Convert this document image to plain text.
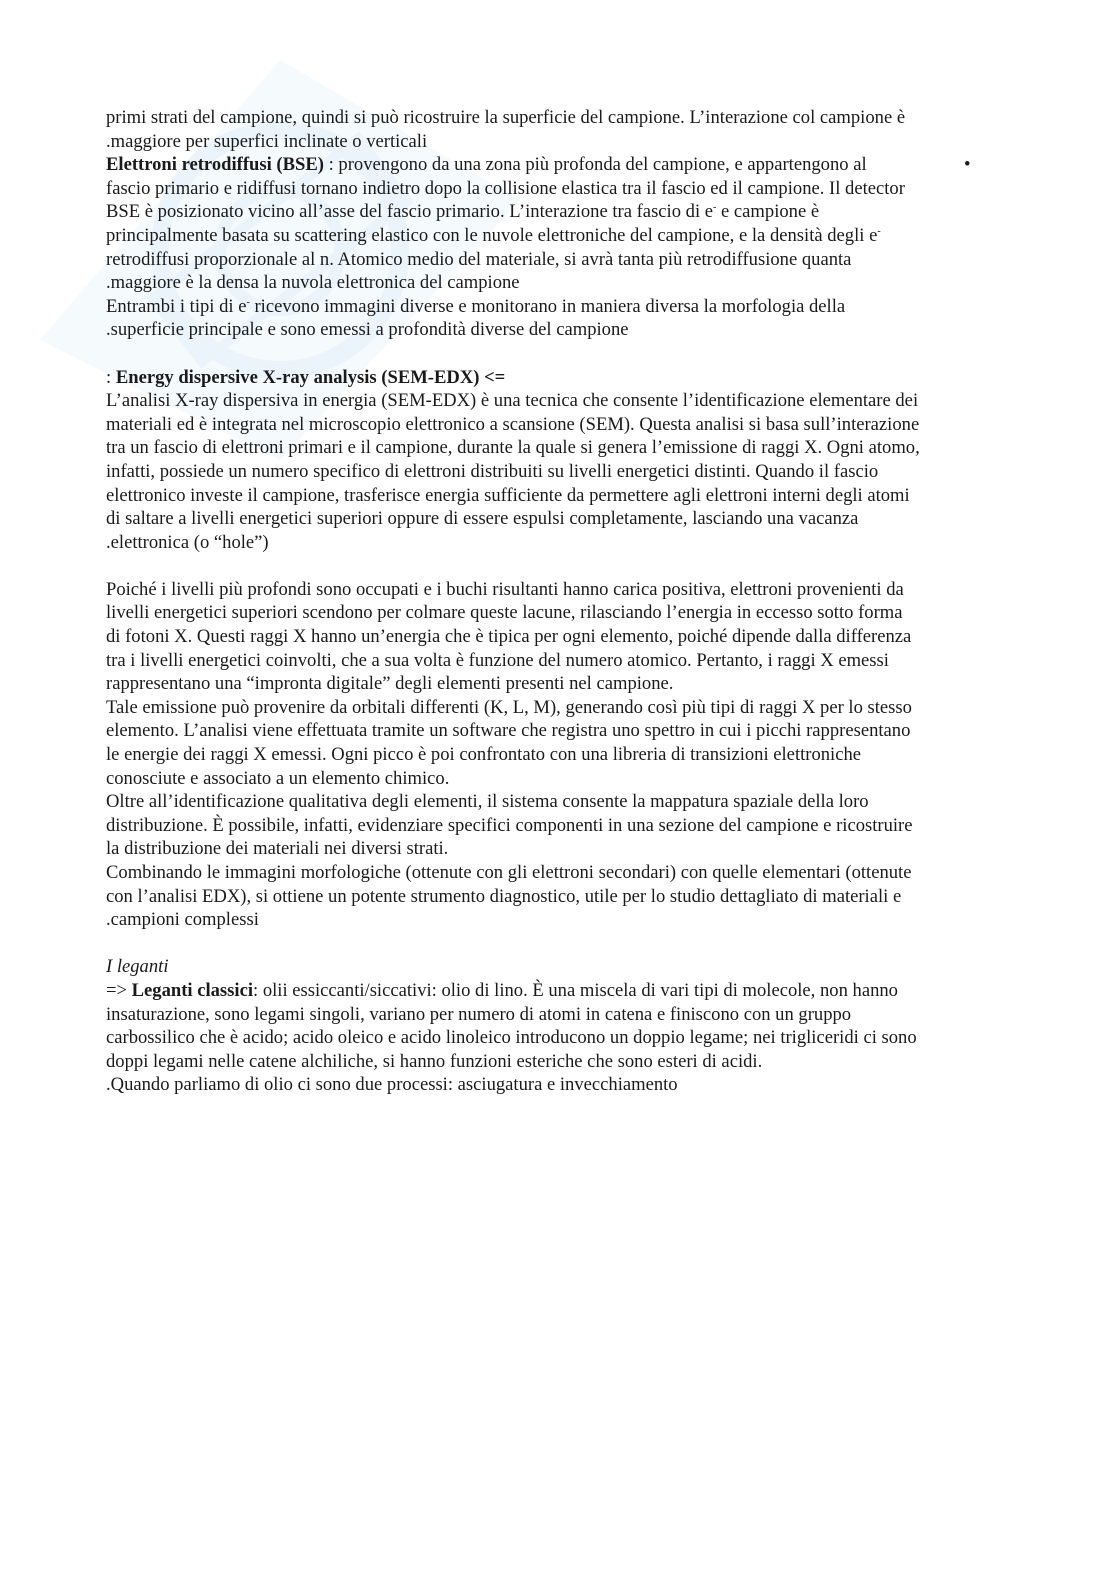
primi strati del campione, quindi si può ricostruire la superficie del campione. L’interazione col campione è
.maggiore per superfici inclinate o verticali
Elettroni retrodiffusi (BSE) : provengono da una zona più profonda del campione, e appartengono al	•
fascio primario e ridiffusi tornano indietro dopo la collisione elastica tra il fascio ed il campione. Il detector
BSE è posizionato vicino all’asse del fascio primario. L’interazione tra fascio di e- e campione è
principalmente basata su scattering elastico con le nuvole elettroniche del campione, e la densità degli e-
retrodiffusi proporzionale al n. Atomico medio del materiale, si avrà tanta più retrodiffusione quanta
.maggiore è la densa la nuvola elettronica del campione
Entrambi i tipi di e- ricevono immagini diverse e monitorano in maniera diversa la morfologia della
.superficie principale e sono emessi a profondità diverse del campione
: Energy dispersive X-ray analysis (SEM-EDX) <=
L’analisi X-ray dispersiva in energia (SEM-EDX) è una tecnica che consente l’identificazione elementare dei
materiali ed è integrata nel microscopio elettronico a scansione (SEM). Questa analisi si basa sull’interazione
tra un fascio di elettroni primari e il campione, durante la quale si genera l’emissione di raggi X. Ogni atomo,
infatti, possiede un numero specifico di elettroni distribuiti su livelli energetici distinti. Quando il fascio
elettronico investe il campione, trasferisce energia sufficiente da permettere agli elettroni interni degli atomi
di saltare a livelli energetici superiori oppure di essere espulsi completamente, lasciando una vacanza
.elettronica (o “hole”)
Poiché i livelli più profondi sono occupati e i buchi risultanti hanno carica positiva, elettroni provenienti da
livelli energetici superiori scendono per colmare queste lacune, rilasciando l’energia in eccesso sotto forma
di fotoni X. Questi raggi X hanno un’energia che è tipica per ogni elemento, poiché dipende dalla differenza
tra i livelli energetici coinvolti, che a sua volta è funzione del numero atomico. Pertanto, i raggi X emessi
rappresentano una “impronta digitale” degli elementi presenti nel campione.
Tale emissione può provenire da orbitali differenti (K, L, M), generando così più tipi di raggi X per lo stesso
elemento. L’analisi viene effettuata tramite un software che registra uno spettro in cui i picchi rappresentano
le energie dei raggi X emessi. Ogni picco è poi confrontato con una libreria di transizioni elettroniche
conosciute e associato a un elemento chimico.
Oltre all’identificazione qualitativa degli elementi, il sistema consente la mappatura spaziale della loro
distribuzione. È possibile, infatti, evidenziare specifici componenti in una sezione del campione e ricostruire
la distribuzione dei materiali nei diversi strati.
Combinando le immagini morfologiche (ottenute con gli elettroni secondari) con quelle elementari (ottenute
con l’analisi EDX), si ottiene un potente strumento diagnostico, utile per lo studio dettagliato di materiali e
.campioni complessi
I leganti
=> Leganti classici: olii essiccanti/siccativi: olio di lino. È una miscela di vari tipi di molecole, non hanno
insaturazione, sono legami singoli, variano per numero di atomi in catena e finiscono con un gruppo
carbossilico che è acido; acido oleico e acido linoleico introducono un doppio legame; nei trigliceridi ci sono
doppi legami nelle catene alchiliche, si hanno funzioni esteriche che sono esteri di acidi.
.Quando parliamo di olio ci sono due processi: asciugatura e invecchiamento
